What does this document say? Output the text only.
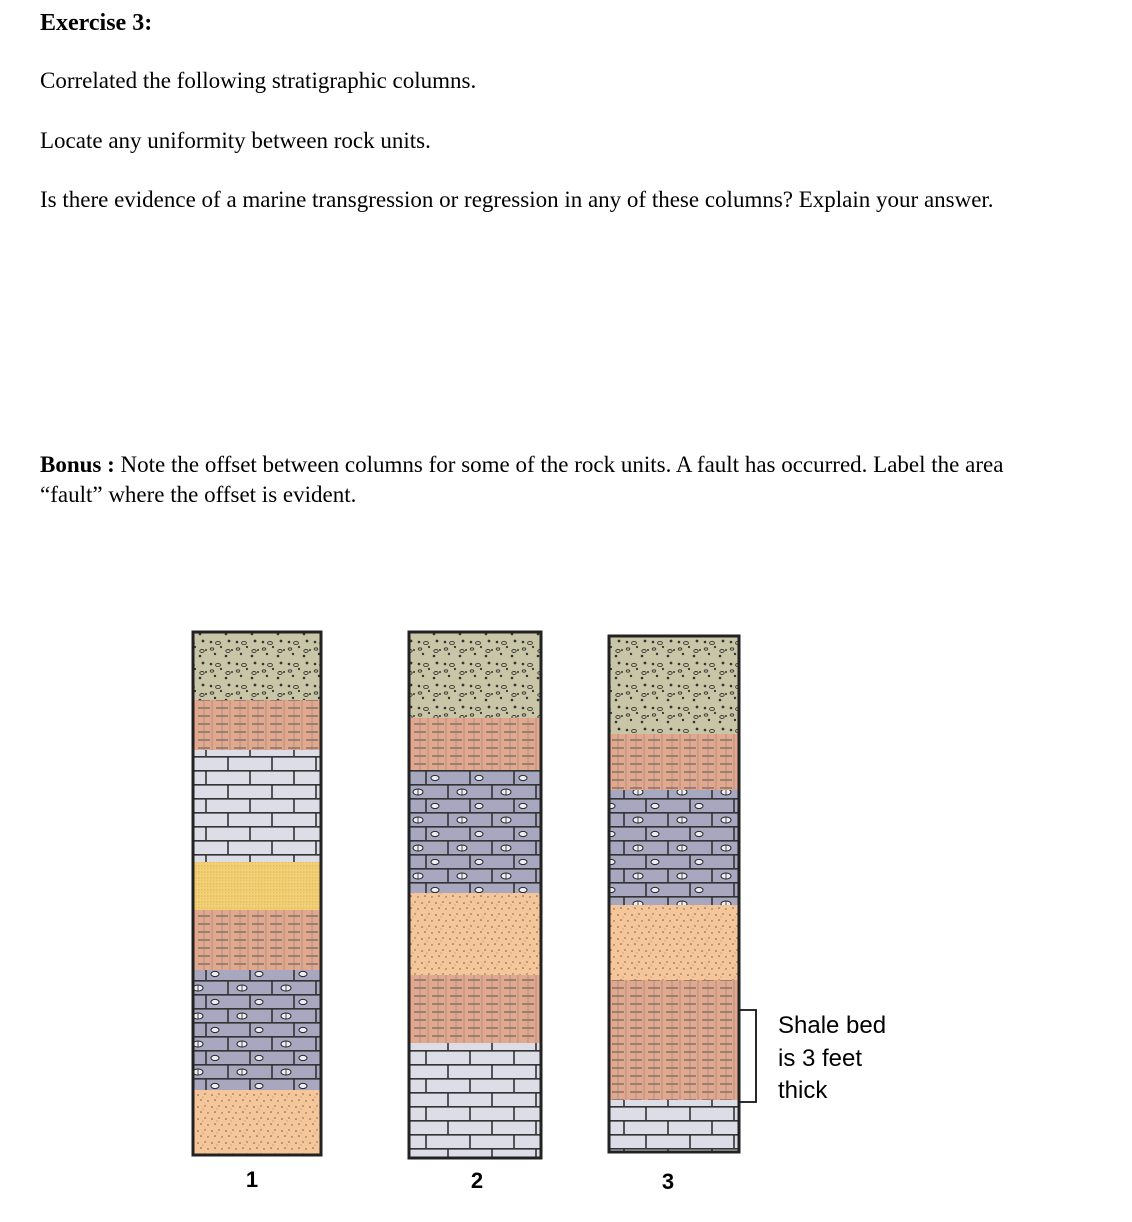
Exercise 3:

Correlated the following stratigraphic columns.

Locate any uniformity between rock units.

Is there evidence of a marine transgression or regression in any of these columns? Explain your answer.

Bonus : Note the offset between columns for some of the rock units. A fault has occurred. Label the area “fault” where the offset is evident.

1	2	3
Shale bed
is 3 feet
thick
